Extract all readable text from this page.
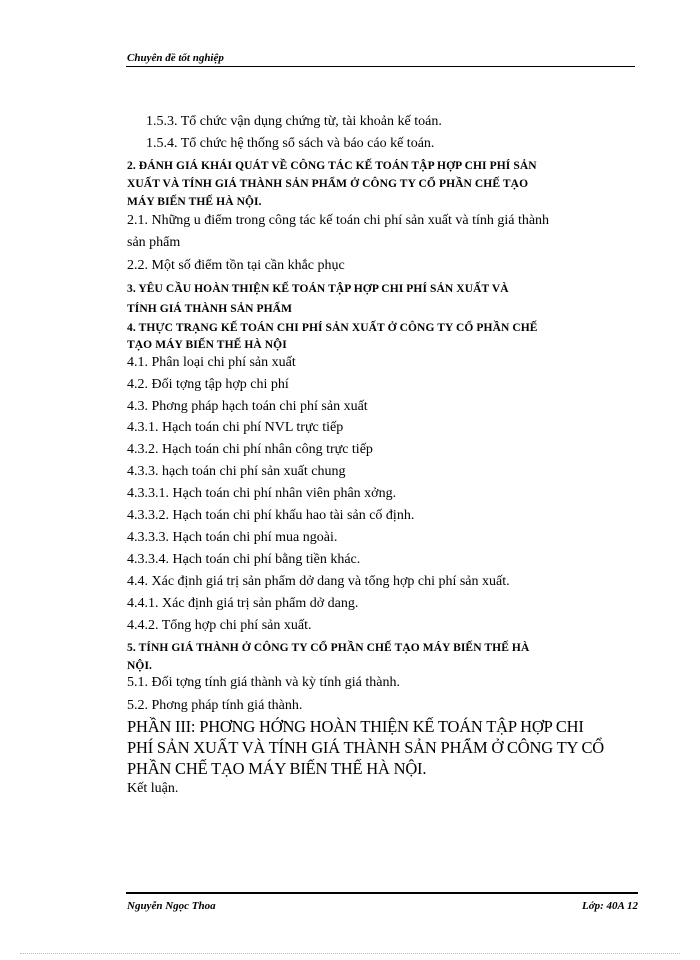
Chuyên đề tốt nghiệp
1.5.3. Tổ chức vận dụng chứng từ, tài khoản kế toán.
1.5.4. Tổ chức hệ thống sổ sách và báo cáo kế toán.
2. ĐÁNH GIÁ KHÁI QUÁT VỀ CÔNG TÁC KẾ TOÁN TẬP HỢP CHI PHÍ SẢN
XUẤT VÀ TÍNH GIÁ THÀNH SẢN PHẨM Ở CÔNG TY CỔ PHẦN CHẾ TẠO
MÁY BIẾN THẾ HÀ NỘI.
2.1. Những u điểm trong công tác kế toán chi phí sản xuất và tính giá thành
sản phẩm
2.2. Một số điểm tồn tại cần khắc phục
3. YÊU CẦU HOÀN THIỆN KẾ TOÁN TẬP HỢP CHI PHÍ SẢN XUẤT VÀ
TÍNH GIÁ THÀNH SẢN PHẨM
4. THỰC TRẠNG KẾ TOÁN CHI PHÍ SẢN XUẤT Ở CÔNG TY CỔ PHẦN CHẾ
TẠO MÁY BIẾN THẾ HÀ NỘI
4.1. Phân loại chi phí sản xuất
4.2. Đối tợng tập hợp chi phí
4.3. Phơng pháp hạch toán chi phí sản xuất
4.3.1. Hạch toán chi phí NVL trực tiếp
4.3.2. Hạch toán chi phí nhân công trực tiếp
4.3.3. hạch toán chi phí sản xuất chung
4.3.3.1. Hạch toán chi phí nhân viên phân xởng.
4.3.3.2. Hạch toán chi phí khấu hao tài sản cố định.
4.3.3.3. Hạch toán chi phí mua ngoài.
4.3.3.4. Hạch toán chi phí bằng tiền khác.
4.4. Xác định giá trị sản phẩm dở dang và tổng hợp chi phí sản xuất.
4.4.1. Xác định giá trị sản phẩm dở dang.
4.4.2. Tổng hợp chi phí sản xuất.
5. TÍNH GIÁ THÀNH Ở CÔNG TY CỔ PHẦN CHẾ TẠO MÁY BIẾN THẾ HÀ
NỘI.
5.1. Đối tợng tính giá thành và kỳ tính giá thành.
5.2. Phơng pháp tính giá thành.
PHẦN III: PHƠNG HỚNG HOÀN THIỆN KẾ TOÁN TẬP HỢP CHI
PHÍ SẢN XUẤT VÀ TÍNH GIÁ THÀNH SẢN PHẨM Ở CÔNG TY CỔ
PHẦN CHẾ TẠO MÁY BIẾN THẾ HÀ NỘI.
Kết luận.
Nguyễn Ngọc Thoa	Lớp: 40A 12
